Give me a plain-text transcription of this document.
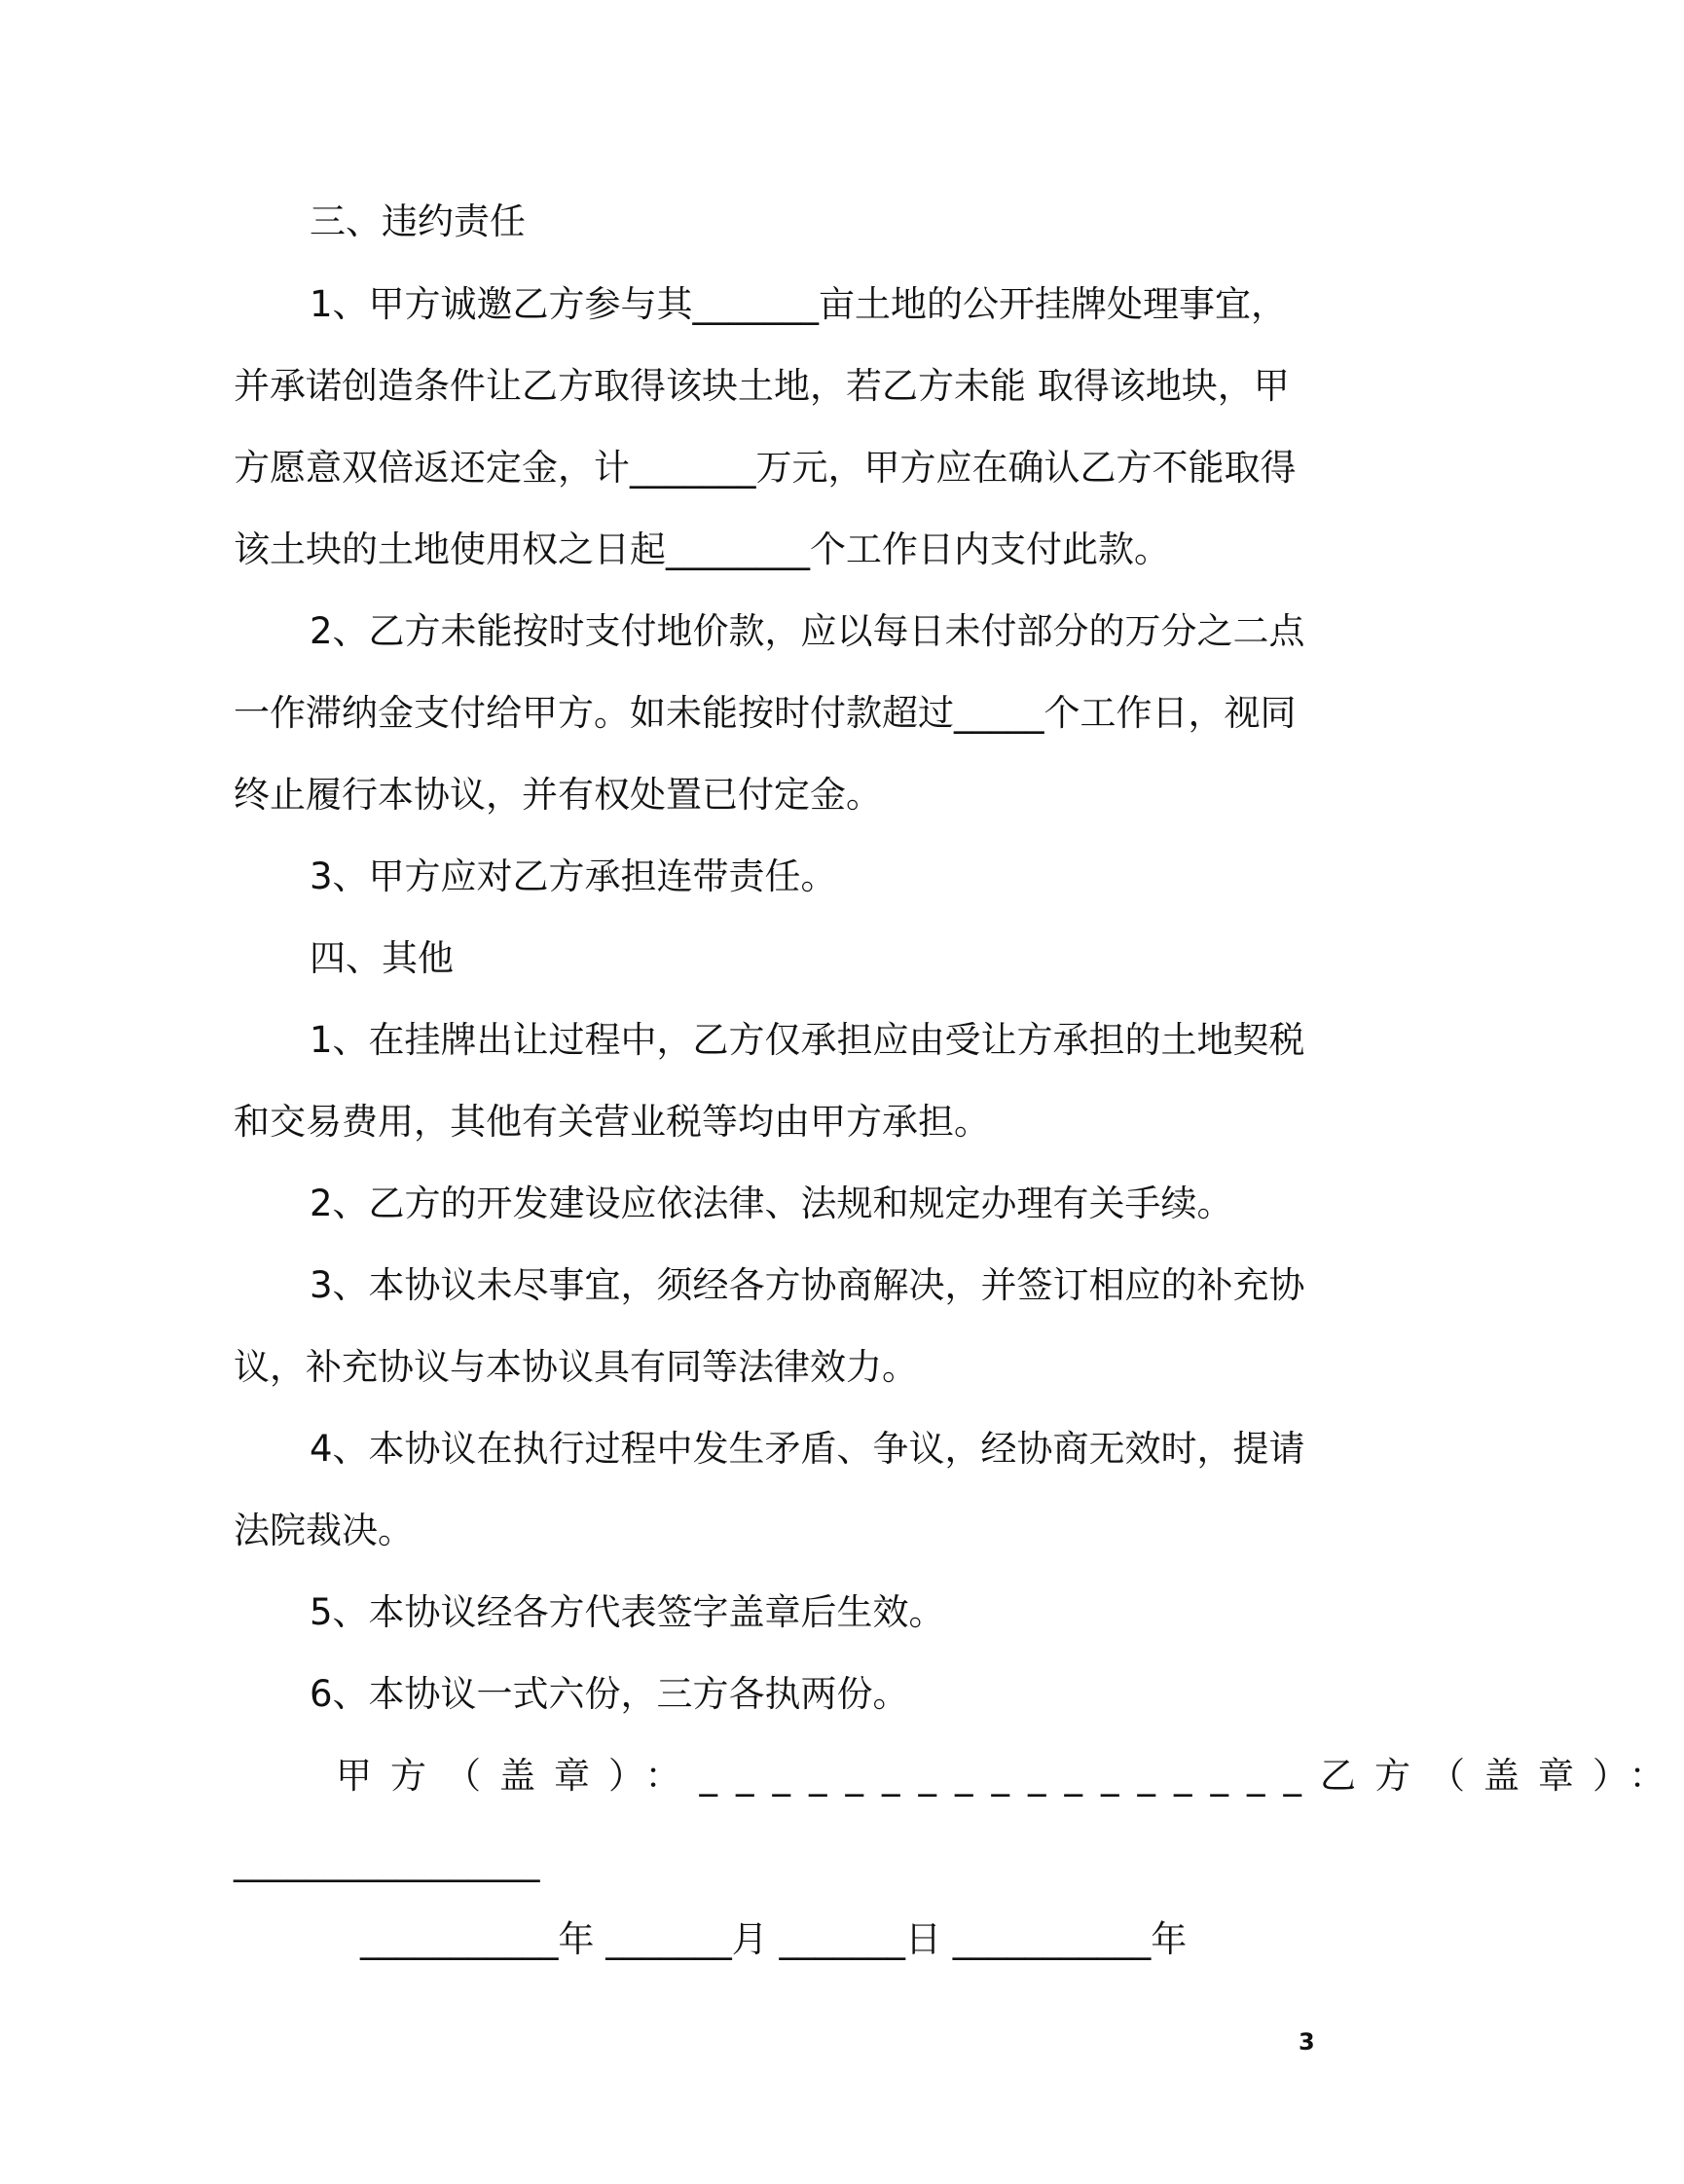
三、违约责任
1、甲方诚邀乙方参与其_______亩土地的公开挂牌处理事宜，
并承诺创造条件让乙方取得该块土地，若乙方未能 取得该地块，甲
方愿意双倍返还定金，计_______万元，甲方应在确认乙方不能取得
该土块的土地使用权之日起________个工作日内支付此款。
2、乙方未能按时支付地价款，应以每日未付部分的万分之二点
一作滞纳金支付给甲方。如未能按时付款超过_____个工作日，视同
终止履行本协议，并有权处置已付定金。
3、甲方应对乙方承担连带责任。
四、其他
1、在挂牌出让过程中，乙方仅承担应由受让方承担的土地契税
和交易费用，其他有关营业税等均由甲方承担。
2、乙方的开发建设应依法律、法规和规定办理有关手续。
3、本协议未尽事宜，须经各方协商解决，并签订相应的补充协
议，补充协议与本协议具有同等法律效力。
4、本协议在执行过程中发生矛盾、争议，经协商无效时，提请
法院裁决。
5、本协议经各方代表签字盖章后生效。
6、本协议一式六份，三方各执两份。
甲方（盖章）：_________________乙方（盖章）：
_________________
___________年 _______月 _______日 ___________年
3
